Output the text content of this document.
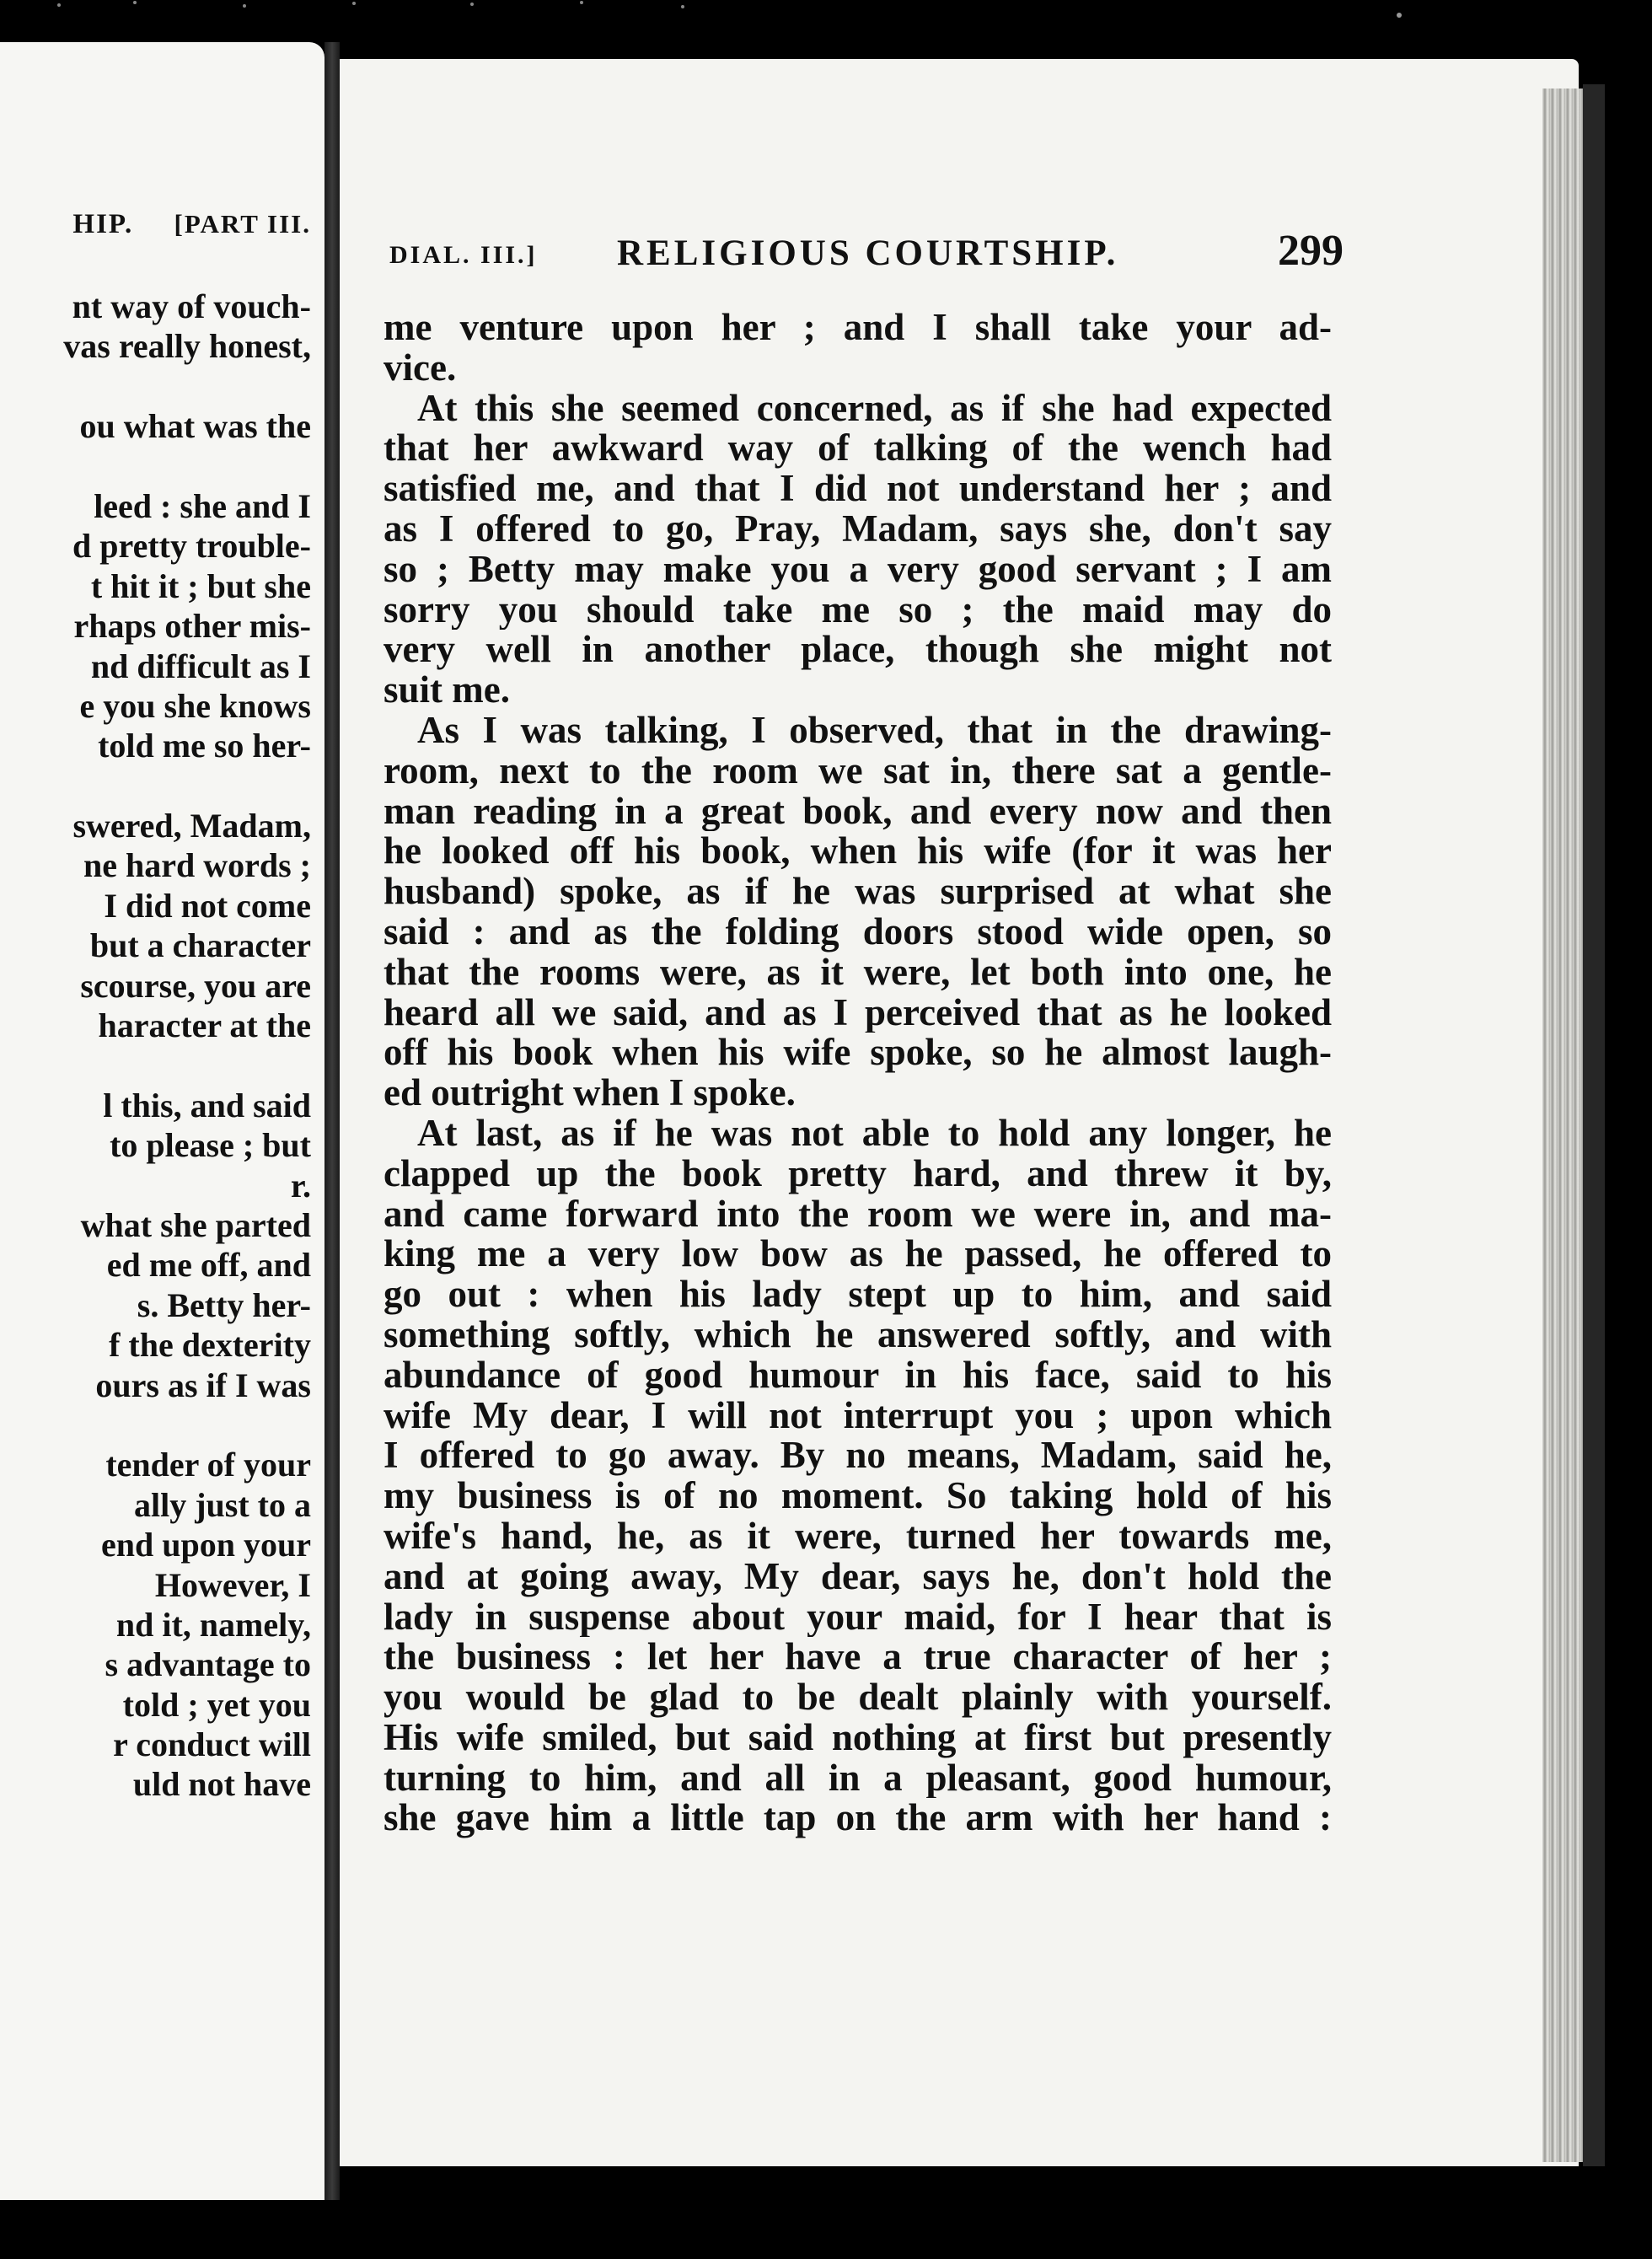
HIP. [PART III.
nt way of vouch-
vas really honest,
ou what was the
leed : she and I
d pretty trouble-
t hit it ; but she
rhaps other mis-
nd difficult as I
e you she knows
told me so her-
swered, Madam,
ne hard words ;
I did not come
but a character
scourse, you are
haracter at the
l this, and said
to please ; but
r.
what she parted
ed me off, and
s. Betty her-
f the dexterity
ours as if I was
tender of your
ally just to a
end upon your
However, I
nd it, namely,
s advantage to
told ; yet you
r conduct will
uld not have
DIAL. III.] RELIGIOUS COURTSHIP.	299
me venture upon her ; and I shall take your ad-
vice.
At this she seemed concerned, as if she had expected
that her awkward way of talking of the wench had
satisfied me, and that I did not understand her ; and
as I offered to go, Pray, Madam, says she, don't say
so ; Betty may make you a very good servant ; I am
sorry you should take me so ; the maid may do
very well in another place, though she might not
suit me.
As I was talking, I observed, that in the drawing-
room, next to the room we sat in, there sat a gentle-
man reading in a great book, and every now and then
he looked off his book, when his wife (for it was her
husband) spoke, as if he was surprised at what she
said : and as the folding doors stood wide open, so
that the rooms were, as it were, let both into one, he
heard all we said, and as I perceived that as he looked
off his book when his wife spoke, so he almost laugh-
ed outright when I spoke.
At last, as if he was not able to hold any longer, he
clapped up the book pretty hard, and threw it by,
and came forward into the room we were in, and ma-
king me a very low bow as he passed, he offered to
go out : when his lady stept up to him, and said
something softly, which he answered softly, and with
abundance of good humour in his face, said to his
wife My dear, I will not interrupt you ; upon which
I offered to go away. By no means, Madam, said he,
my business is of no moment. So taking hold of his
wife's hand, he, as it were, turned her towards me,
and at going away, My dear, says he, don't hold the
lady in suspense about your maid, for I hear that is
the business : let her have a true character of her ;
you would be glad to be dealt plainly with yourself.
His wife smiled, but said nothing at first but presently
turning to him, and all in a pleasant, good humour,
she gave him a little tap on the arm with her hand :
